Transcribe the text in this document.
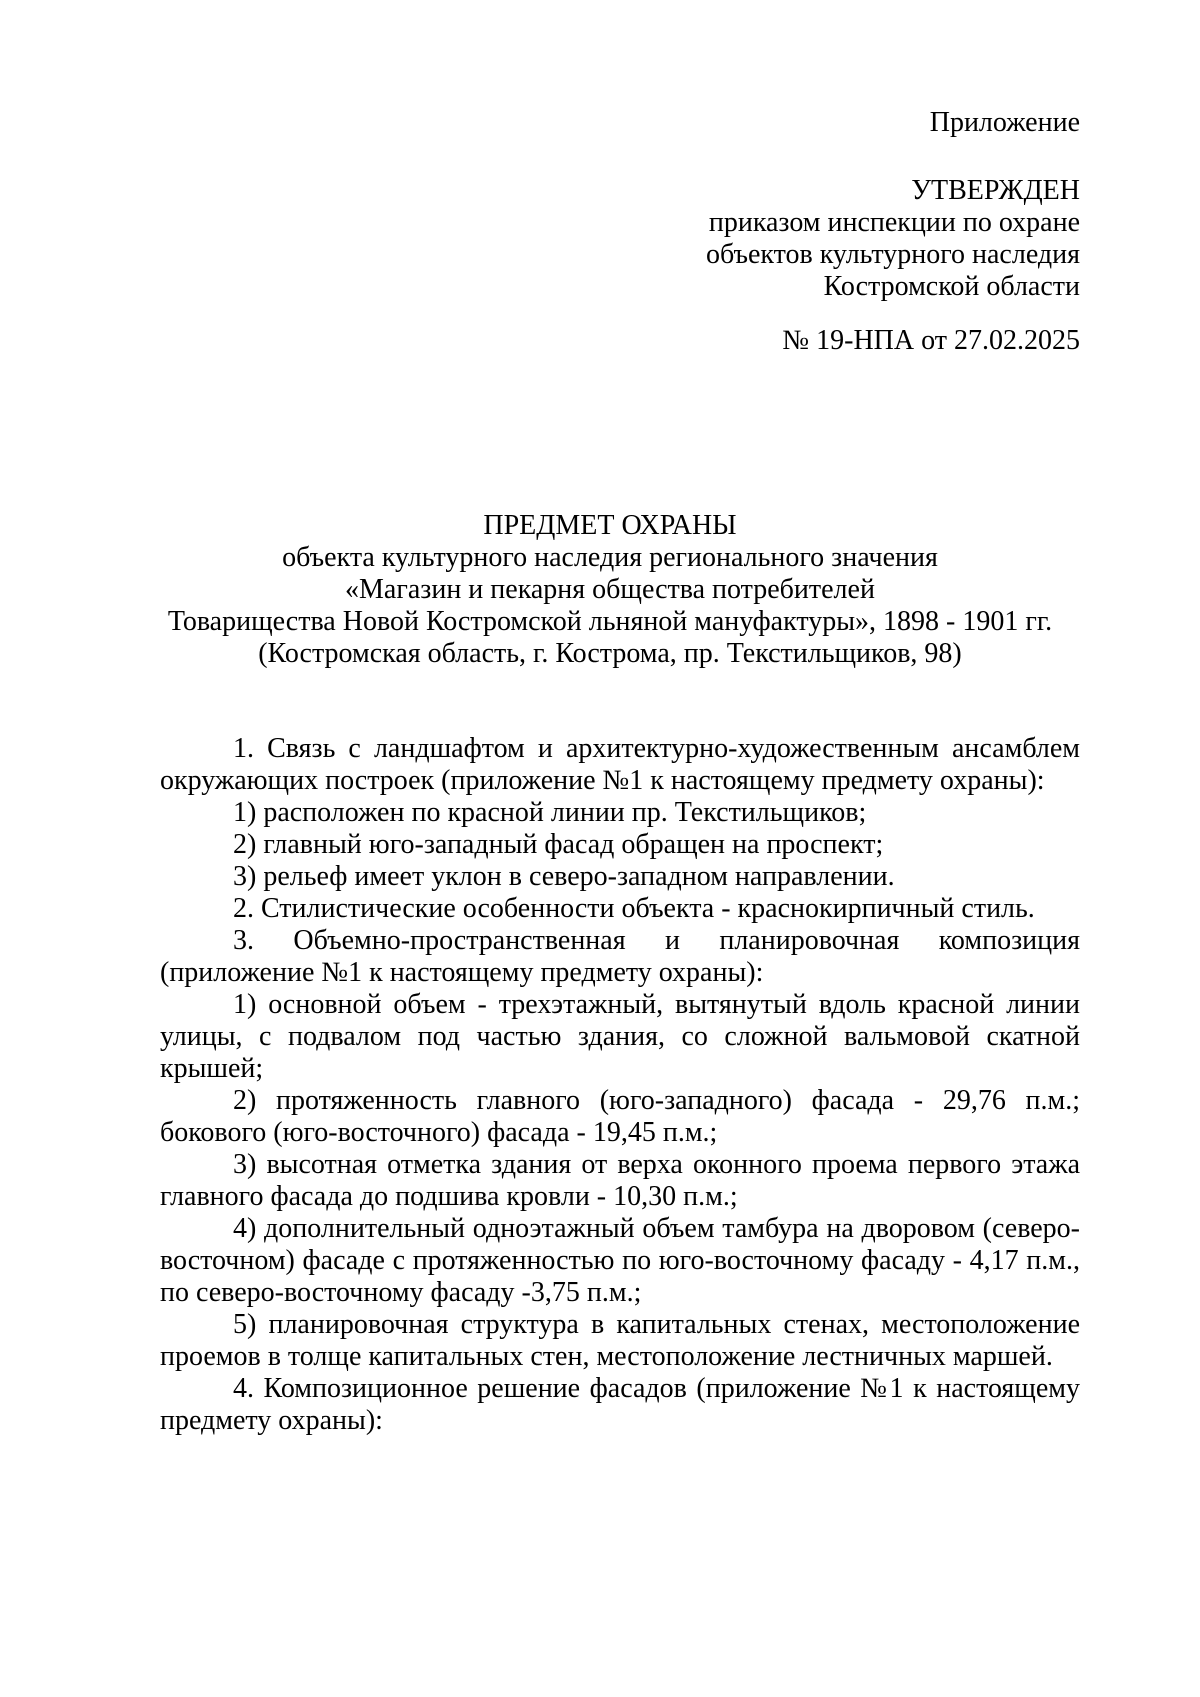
Приложение
УТВЕРЖДЕН
приказом инспекции по охране
объектов культурного наследия
Костромской области
№ 19-НПА от 27.02.2025
ПРЕДМЕТ ОХРАНЫ
объекта культурного наследия регионального значения
«Магазин и пекарня общества потребителей
Товарищества Новой Костромской льняной мануфактуры», 1898 - 1901 гг.
(Костромская область, г. Кострома, пр. Текстильщиков, 98)

1. Связь с ландшафтом и архитектурно-художественным ансамблем окружающих построек (приложение №1 к настоящему предмету охраны):

1) расположен по красной линии пр. Текстильщиков;

2) главный юго-западный фасад обращен на проспект;

3) рельеф имеет уклон в северо-западном направлении.

2. Стилистические особенности объекта - краснокирпичный стиль.

3. Объемно-пространственная и планировочная композиция (приложение №1 к настоящему предмету охраны):

1) основной объем - трехэтажный, вытянутый вдоль красной линии улицы, с подвалом под частью здания, со сложной вальмовой скатной крышей;

2) протяженность главного (юго-западного) фасада - 29,76 п.м.; бокового (юго-восточного) фасада - 19,45 п.м.;

3) высотная отметка здания от верха оконного проема первого этажа главного фасада до подшива кровли - 10,30 п.м.;

4) дополнительный одноэтажный объем тамбура на дворовом (северо-восточном) фасаде с протяженностью по юго-восточному фасаду - 4,17 п.м., по северо-восточному фасаду -3,75 п.м.;

5) планировочная структура в капитальных стенах, местоположение проемов в толще капитальных стен, местоположение лестничных маршей.

4. Композиционное решение фасадов (приложение №1 к настоящему предмету охраны):
